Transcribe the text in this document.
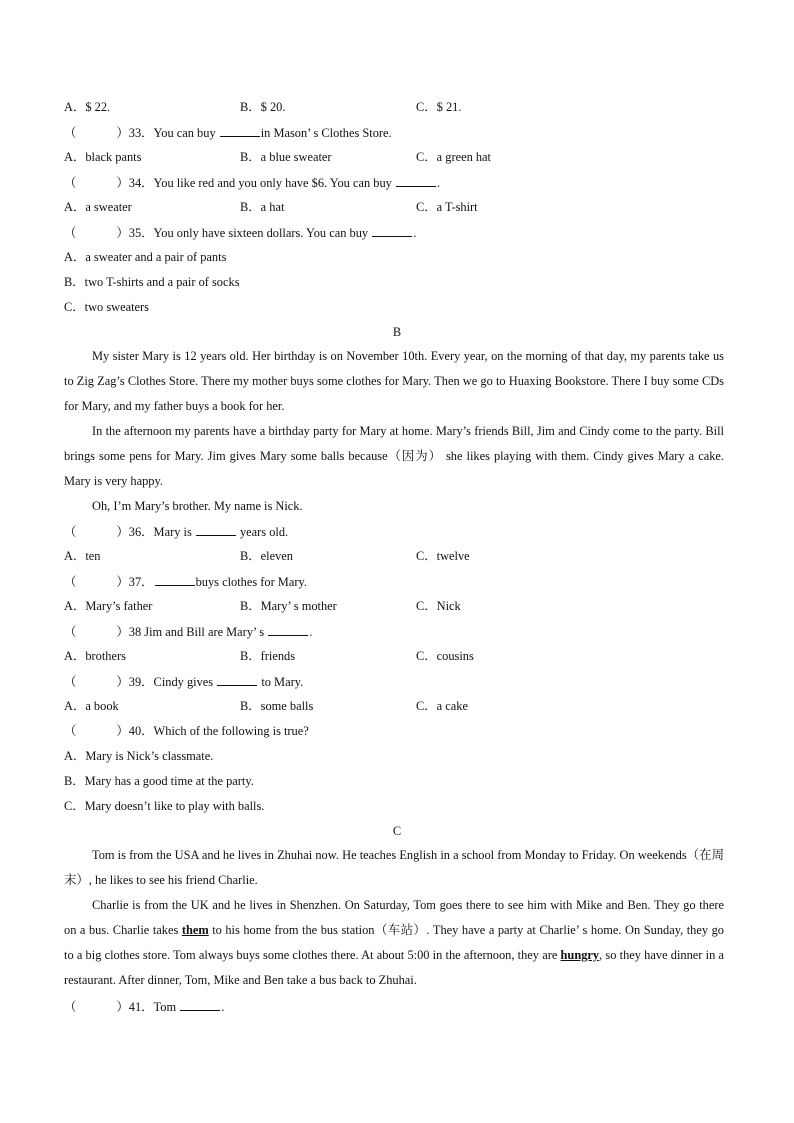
A．$ 22.	B．$ 20.	C．$ 21.
（	）33．You can buy	in Mason’ s Clothes Store.
A．black pants	B．a blue sweater	C．a green hat
（	）34．You like red and you only have $6. You can buy	.
A．a sweater	B．a hat	C．a T-shirt
（	）35．You only have sixteen dollars. You can buy	.
A．a sweater and a pair of pants
B．two T-shirts and a pair of socks
C．two sweaters
B
My sister Mary is 12 years old. Her birthday is on November 10th. Every year, on the morning of that day, my parents take us to Zig Zag’s Clothes Store. There my mother buys some clothes for Mary. Then we go to Huaxing Bookstore. There I buy some CDs for Mary, and my father buys a book for her.
In the afternoon my parents have a birthday party for Mary at home. Mary’s friends Bill, Jim and Cindy come to the party. Bill brings some pens for Mary. Jim gives Mary some balls because（因为） she likes playing with them. Cindy gives Mary a cake. Mary is very happy.
Oh, I’m Mary’s brother. My name is Nick.
（	）36．Mary is	years old.
A．ten	B．eleven	C．twelve
（	）37．	buys clothes for Mary.
A．Mary’s father	B．Mary’ s mother	C．Nick
（	）38 Jim and Bill are Mary’ s	.
A．brothers	B．friends	C．cousins
（	）39．Cindy gives	to Mary.
A．a book	B．some balls	C．a cake
（	）40．Which of the following is true?
A．Mary is Nick’s classmate.
B．Mary has a good time at the party.
C．Mary doesn’t like to play with balls.
C
Tom is from the USA and he lives in Zhuhai now. He teaches English in a school from Monday to Friday. On weekends（在周末）, he likes to see his friend Charlie.
Charlie is from the UK and he lives in Shenzhen. On Saturday, Tom goes there to see him with Mike and Ben. They go there on a bus. Charlie takes them to his home from the bus station（车站）. They have a party at Charlie’ s home. On Sunday, they go to a big clothes store. Tom always buys some clothes there. At about 5:00 in the afternoon, they are hungry, so they have dinner in a restaurant. After dinner, Tom, Mike and Ben take a bus back to Zhuhai.
（	）41．Tom	.
